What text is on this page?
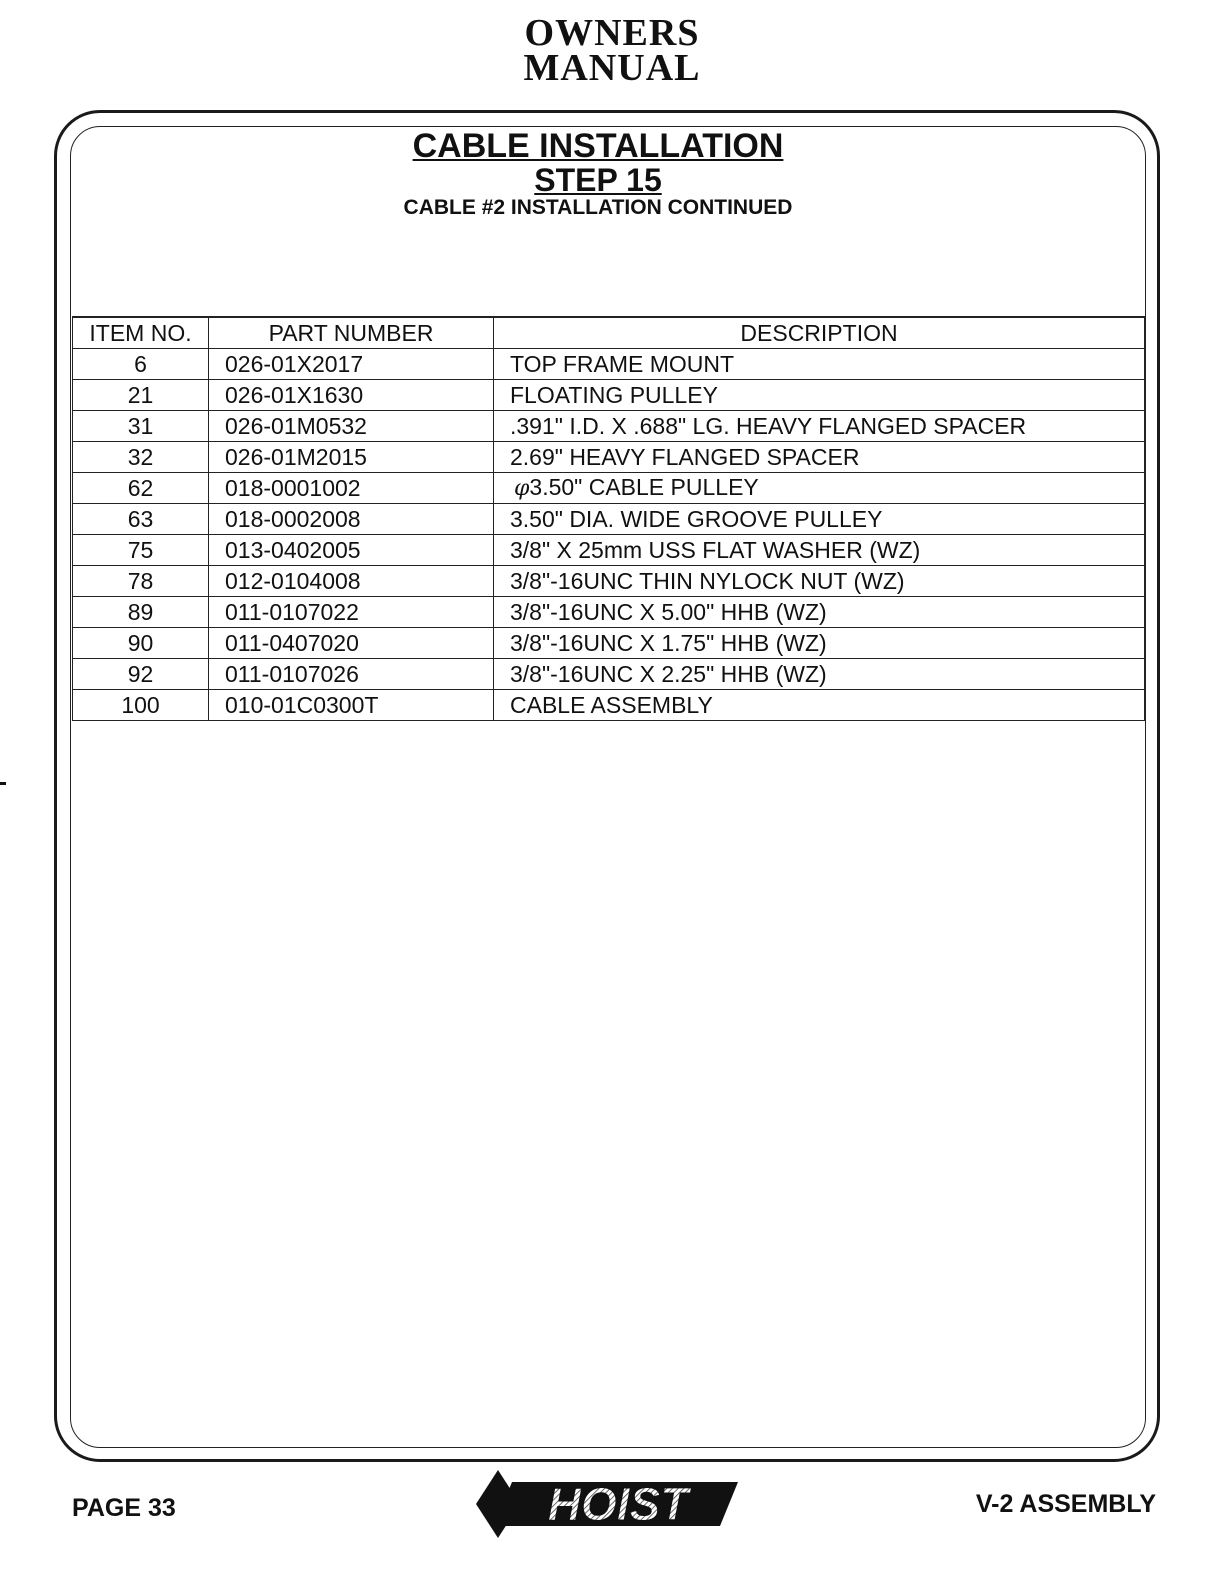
OWNERS
MANUAL
CABLE INSTALLATION
STEP 15
CABLE #2 INSTALLATION CONTINUED
ITEM NO.	PART NUMBER	DESCRIPTION
6	026-01X2017	TOP FRAME MOUNT
21	026-01X1630	FLOATING PULLEY
31	026-01M0532	.391" I.D. X .688" LG. HEAVY FLANGED SPACER
32	026-01M2015	2.69" HEAVY FLANGED SPACER
62	018-0001002	φ3.50" CABLE PULLEY
63	018-0002008	3.50" DIA. WIDE GROOVE PULLEY
75	013-0402005	3/8" X 25mm USS FLAT WASHER (WZ)
78	012-0104008	3/8"-16UNC THIN NYLOCK NUT (WZ)
89	011-0107022	3/8"-16UNC X 5.00" HHB (WZ)
90	011-0407020	3/8"-16UNC X 1.75" HHB (WZ)
92	011-0107026	3/8"-16UNC X 2.25" HHB (WZ)
100	010-01C0300T	CABLE ASSEMBLY
PAGE 33	HOIST	V-2 ASSEMBLY
